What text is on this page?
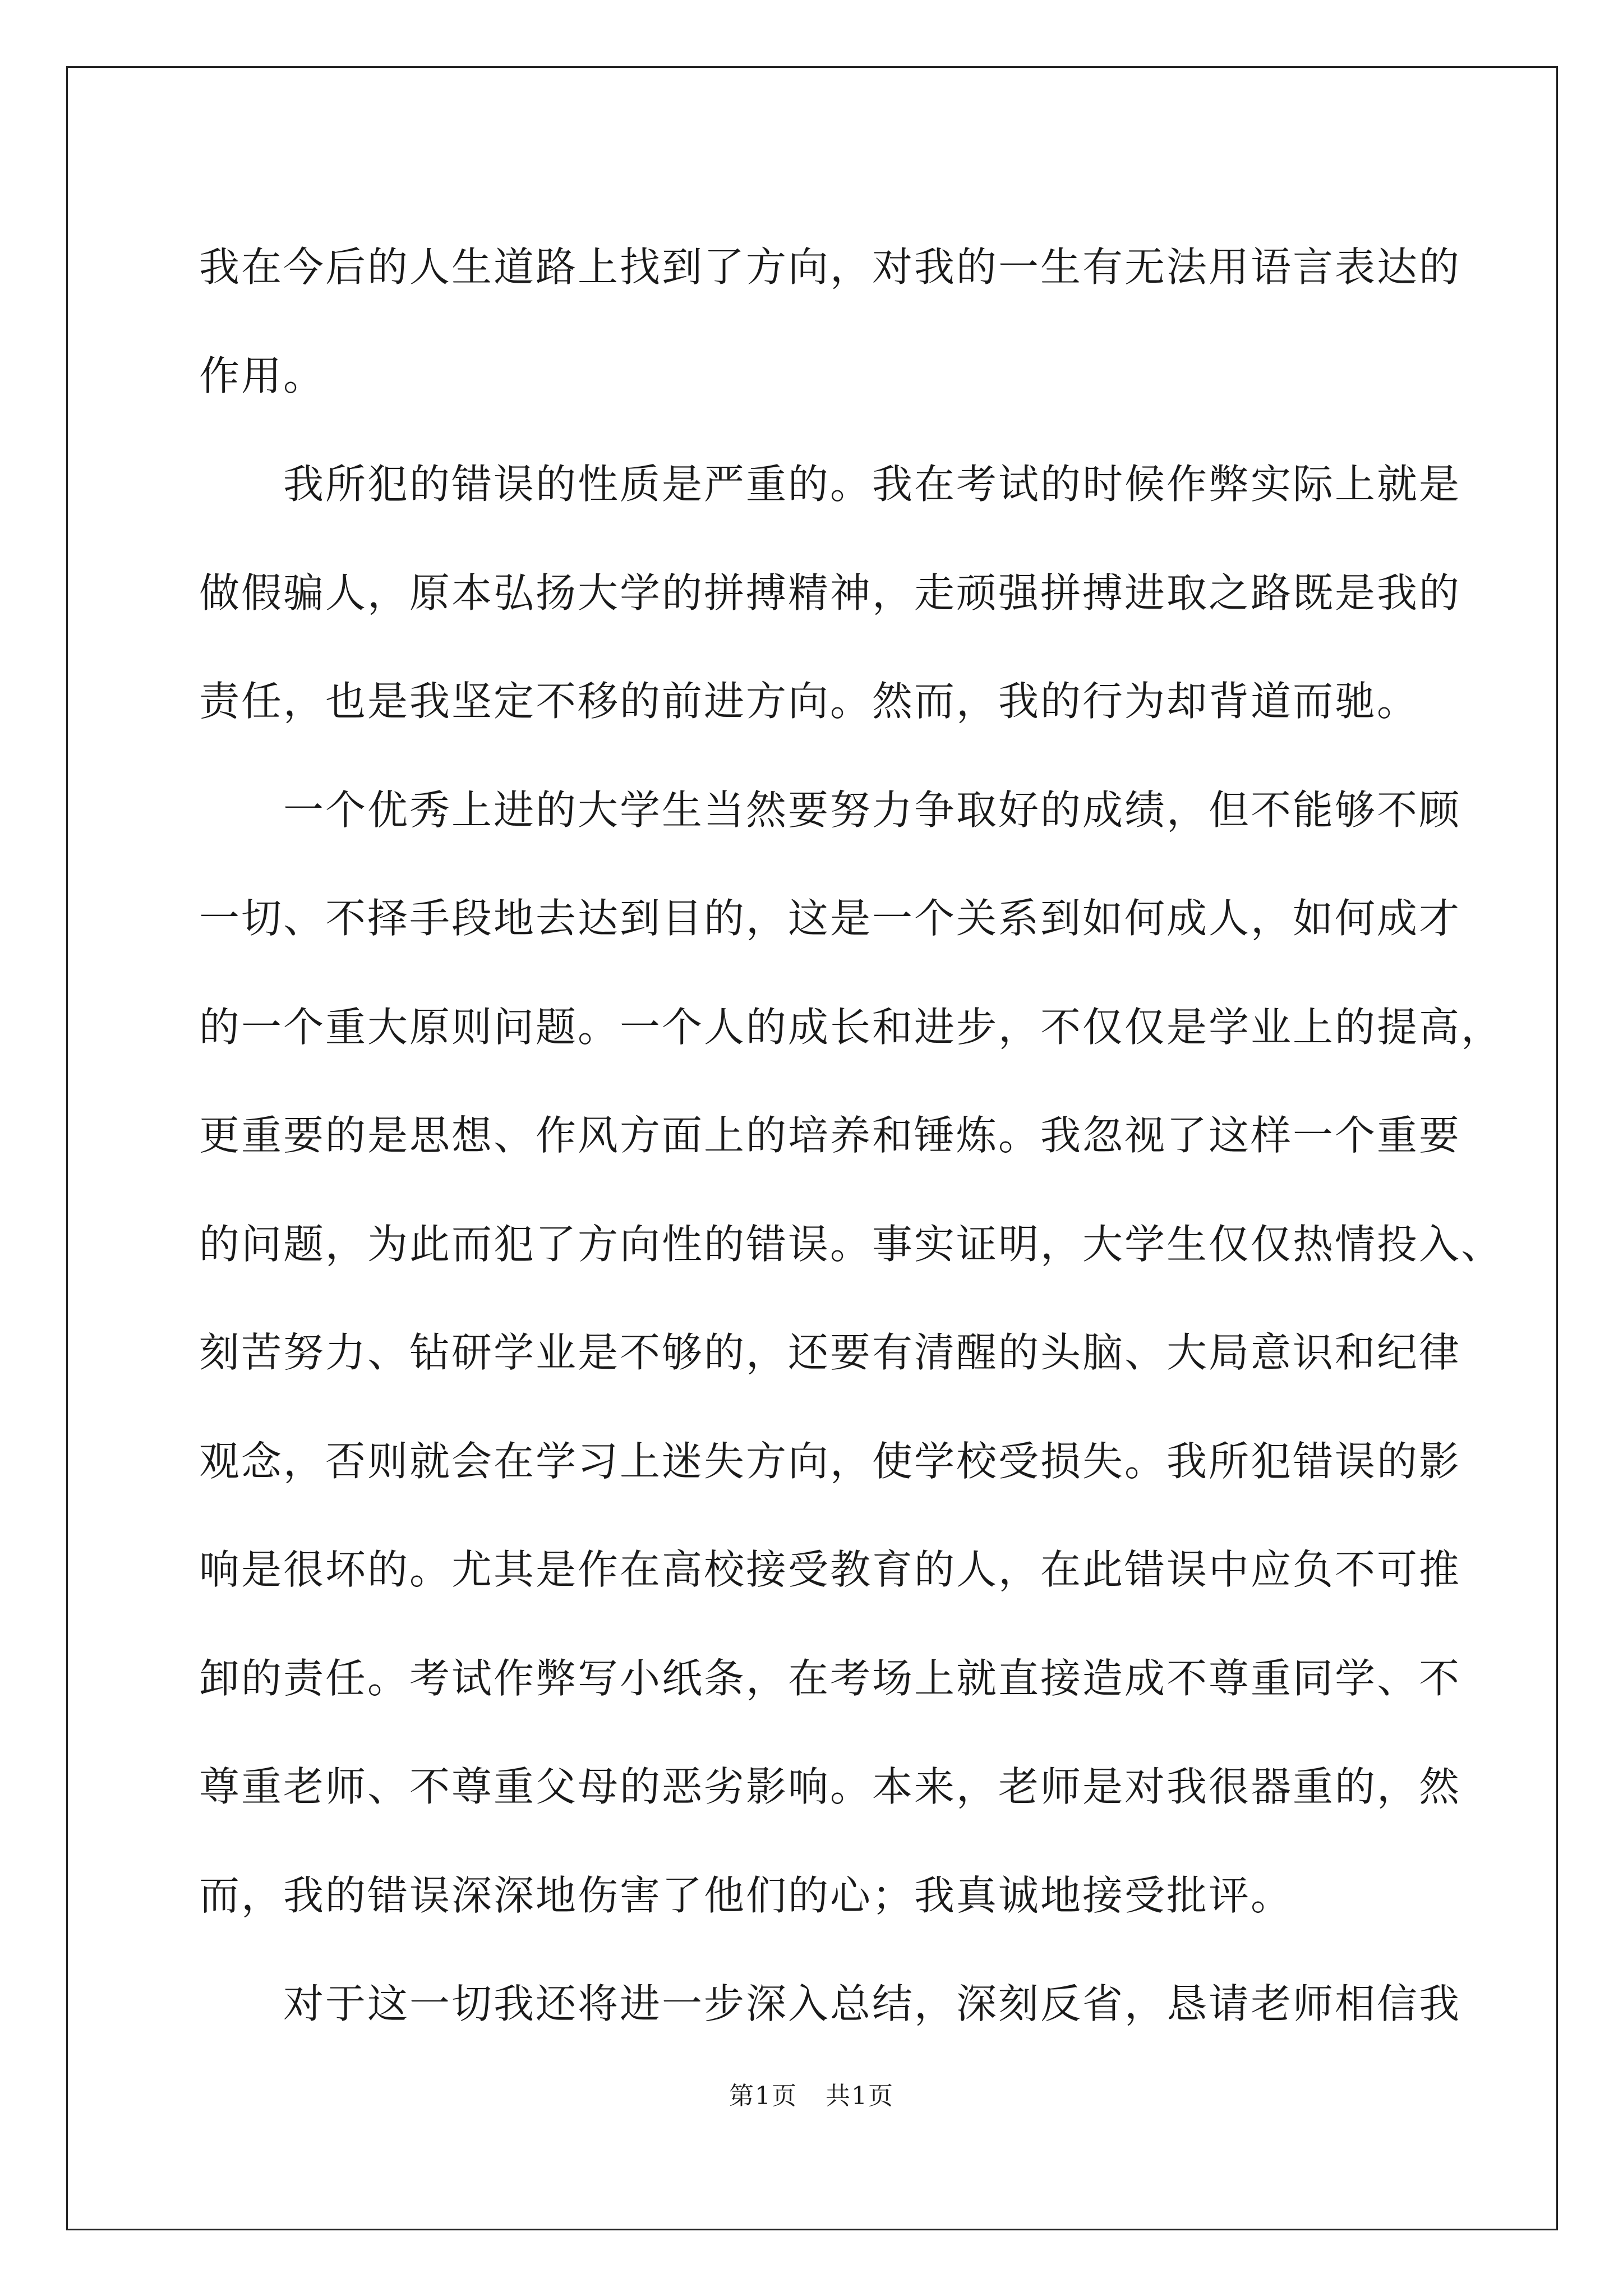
我在今后的人生道路上找到了方向，对我的一生有无法用语言表达的
作用。
我所犯的错误的性质是严重的。我在考试的时候作弊实际上就是
做假骗人，原本弘扬大学的拼搏精神，走顽强拼搏进取之路既是我的
责任，也是我坚定不移的前进方向。然而，我的行为却背道而驰。
一个优秀上进的大学生当然要努力争取好的成绩，但不能够不顾
一切、不择手段地去达到目的，这是一个关系到如何成人，如何成才
的一个重大原则问题。一个人的成长和进步，不仅仅是学业上的提高，
更重要的是思想、作风方面上的培养和锤炼。我忽视了这样一个重要
的问题，为此而犯了方向性的错误。事实证明，大学生仅仅热情投入、
刻苦努力、钻研学业是不够的，还要有清醒的头脑、大局意识和纪律
观念，否则就会在学习上迷失方向，使学校受损失。我所犯错误的影
响是很坏的。尤其是作在高校接受教育的人，在此错误中应负不可推
卸的责任。考试作弊写小纸条，在考场上就直接造成不尊重同学、不
尊重老师、不尊重父母的恶劣影响。本来，老师是对我很器重的，然
而，我的错误深深地伤害了他们的心；我真诚地接受批评。
对于这一切我还将进一步深入总结，深刻反省，恳请老师相信我
第1页 共1页
